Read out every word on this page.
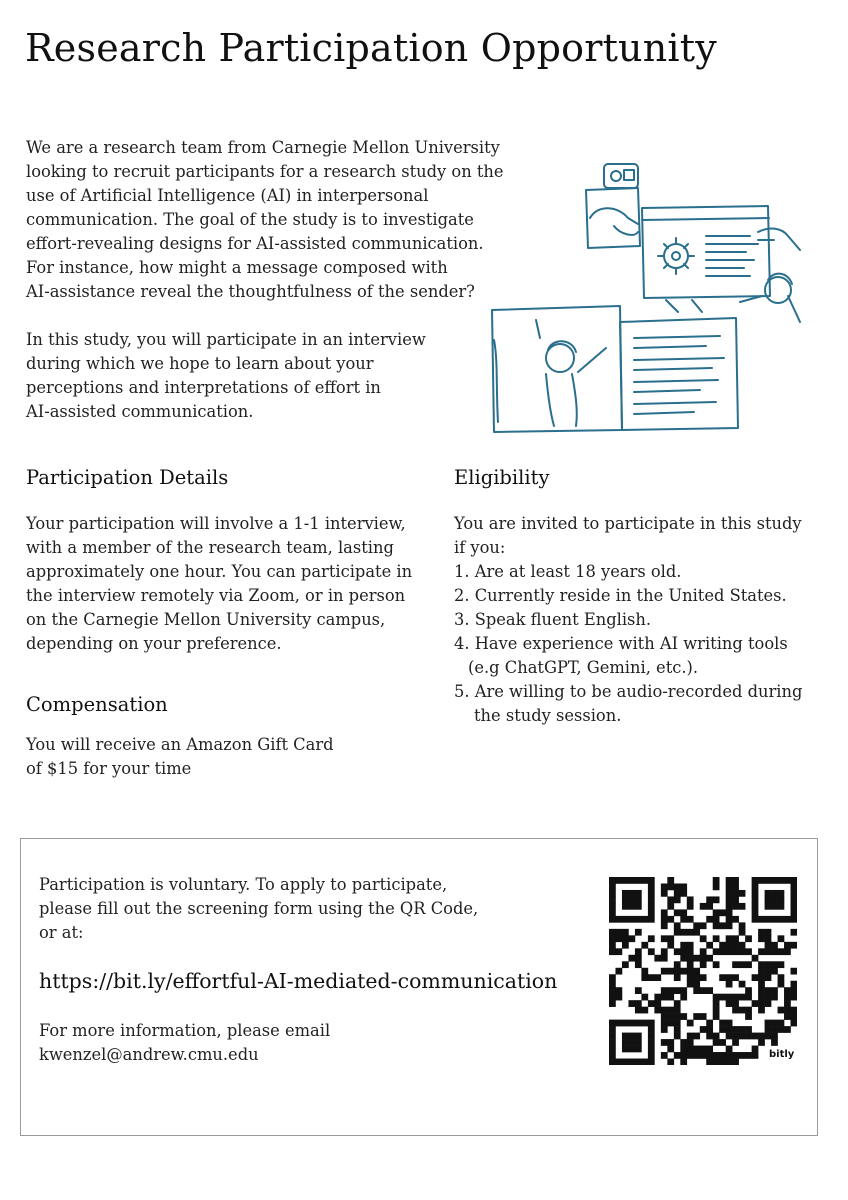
Research Participation Opportunity
We are a research team from Carnegie Mellon University
looking to recruit participants for a research study on the
use of Artificial Intelligence (AI) in interpersonal
communication. The goal of the study is to investigate
effort-revealing designs for AI-assisted communication.
For instance, how might a message composed with
AI-assistance reveal the thoughtfulness of the sender?
In this study, you will participate in an interview
during which we hope to learn about your
perceptions and interpretations of effort in
AI-assisted communication.
Participation Details
Your participation will involve a 1-1 interview,
with a member of the research team, lasting
approximately one hour. You can participate in
the interview remotely via Zoom, or in person
on the Carnegie Mellon University campus,
depending on your preference.
Compensation
You will receive an Amazon Gift Card
of $15 for your time
Eligibility
You are invited to participate in this study
if you:
1. Are at least 18 years old.
2. Currently reside in the United States.
3. Speak fluent English.
4. Have experience with AI writing tools
(e.g ChatGPT, Gemini, etc.).
5. Are willing to be audio-recorded during
the study session.
Participation is voluntary. To apply to participate,
please fill out the screening form using the QR Code,
or at:

https://bit.ly/effortful-AI-mediated-communication

For more information, please email
kwenzel@andrew.cmu.edu	bitly
